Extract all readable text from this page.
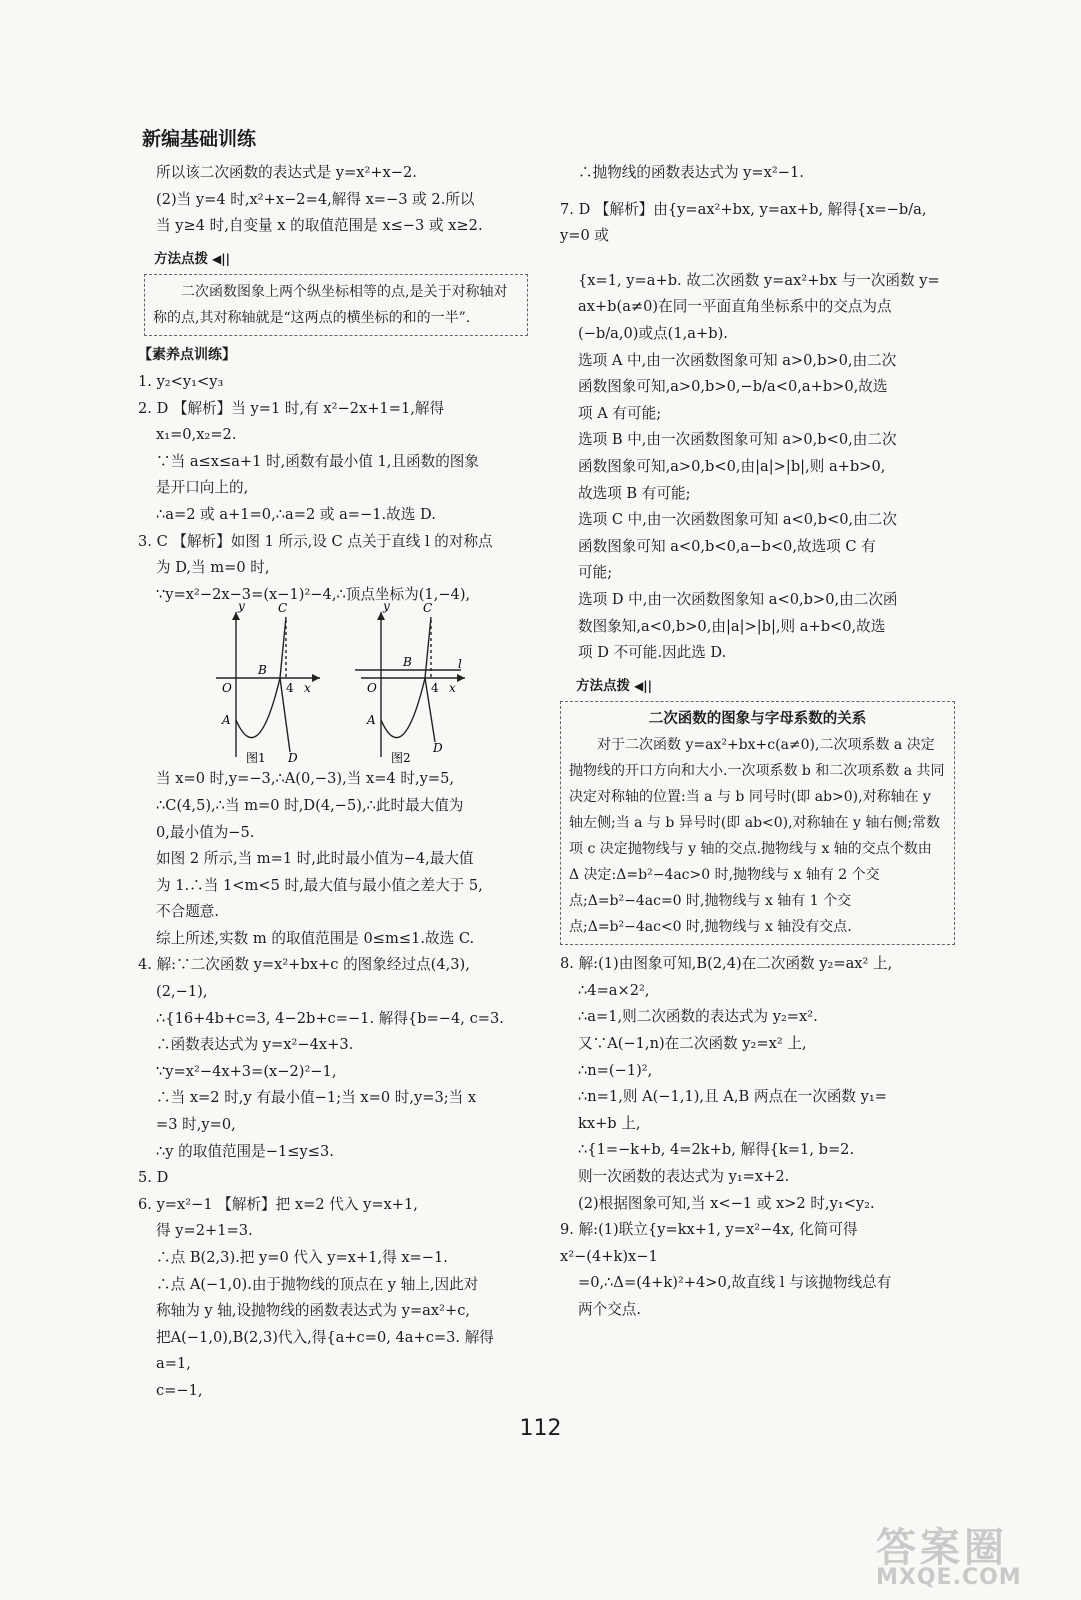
新编基础训练
所以该二次函数的表达式是 y=x²+x−2.
(2)当 y=4 时,x²+x−2=4,解得 x=−3 或 2.所以
当 y≥4 时,自变量 x 的取值范围是 x≤−3 或 x≥2.
方法点拨 ◀||
二次函数图象上两个纵坐标相等的点,是关于对称轴对称的点,其对称轴就是“这两点的横坐标的和的一半”.
【素养点训练】
1. y₂<y₁<y₃
2. D 【解析】当 y=1 时,有 x²−2x+1=1,解得
x₁=0,x₂=2.
∵当 a≤x≤a+1 时,函数有最小值 1,且函数的图象
是开口向上的,
∴a=2 或 a+1=0,∴a=2 或 a=−1.故选 D.
3. C 【解析】如图 1 所示,设 C 点关于直线 l 的对称点
为 D,当 m=0 时,
∵y=x²−2x−3=(x−1)²−4,∴顶点坐标为(1,−4),
y	C
B
4 x
O
A
D
图1
y	C
B
4 x
l
O
A
D
图2
当 x=0 时,y=−3,∴A(0,−3),当 x=4 时,y=5,
∴C(4,5),∴当 m=0 时,D(4,−5),∴此时最大值为
0,最小值为−5.
如图 2 所示,当 m=1 时,此时最小值为−4,最大值
为 1.∴当 1<m<5 时,最大值与最小值之差大于 5,
不合题意.
综上所述,实数 m 的取值范围是 0≤m≤1.故选 C.
4. 解:∵二次函数 y=x²+bx+c 的图象经过点(4,3),
(2,−1),
∴{16+4b+c=3, 4−2b+c=−1. 解得{b=−4, c=3.
∴函数表达式为 y=x²−4x+3.
∵y=x²−4x+3=(x−2)²−1,
∴当 x=2 时,y 有最小值−1;当 x=0 时,y=3;当 x
=3 时,y=0,
∴y 的取值范围是−1≤y≤3.
5. D
6. y=x²−1 【解析】把 x=2 代入 y=x+1,
得 y=2+1=3.
∴点 B(2,3).把 y=0 代入 y=x+1,得 x=−1.
∴点 A(−1,0).由于抛物线的顶点在 y 轴上,因此对
称轴为 y 轴,设抛物线的函数表达式为 y=ax²+c,
把A(−1,0),B(2,3)代入,得{a+c=0, 4a+c=3. 解得 a=1,
c=−1,
∴抛物线的函数表达式为 y=x²−1.
7. D 【解析】由{y=ax²+bx, y=ax+b, 解得{x=−b/a, y=0 或
{x=1, y=a+b. 故二次函数 y=ax²+bx 与一次函数 y=
ax+b(a≠0)在同一平面直角坐标系中的交点为点
(−b/a,0)或点(1,a+b).
选项 A 中,由一次函数图象可知 a>0,b>0,由二次
函数图象可知,a>0,b>0,−b/a<0,a+b>0,故选
项 A 有可能;
选项 B 中,由一次函数图象可知 a>0,b<0,由二次
函数图象可知,a>0,b<0,由|a|>|b|,则 a+b>0,
故选项 B 有可能;
选项 C 中,由一次函数图象可知 a<0,b<0,由二次
函数图象可知 a<0,b<0,a−b<0,故选项 C 有
可能;
选项 D 中,由一次函数图象知 a<0,b>0,由二次函
数图象知,a<0,b>0,由|a|>|b|,则 a+b<0,故选
项 D 不可能.因此选 D.
方法点拨 ◀||
二次函数的图象与字母系数的关系
对于二次函数 y=ax²+bx+c(a≠0),二次项系数 a 决定抛物线的开口方向和大小.一次项系数 b 和二次项系数 a 共同决定对称轴的位置:当 a 与 b 同号时(即 ab>0),对称轴在 y 轴左侧;当 a 与 b 异号时(即 ab<0),对称轴在 y 轴右侧;常数项 c 决定抛物线与 y 轴的交点.抛物线与 x 轴的交点个数由 Δ 决定:Δ=b²−4ac>0 时,抛物线与 x 轴有 2 个交点;Δ=b²−4ac=0 时,抛物线与 x 轴有 1 个交点;Δ=b²−4ac<0 时,抛物线与 x 轴没有交点.
8. 解:(1)由图象可知,B(2,4)在二次函数 y₂=ax² 上,
∴4=a×2²,
∴a=1,则二次函数的表达式为 y₂=x².
又∵A(−1,n)在二次函数 y₂=x² 上,
∴n=(−1)²,
∴n=1,则 A(−1,1),且 A,B 两点在一次函数 y₁=
kx+b 上,
∴{1=−k+b, 4=2k+b, 解得{k=1, b=2.
则一次函数的表达式为 y₁=x+2.
(2)根据图象可知,当 x<−1 或 x>2 时,y₁<y₂.
9. 解:(1)联立{y=kx+1, y=x²−4x, 化简可得 x²−(4+k)x−1
=0,∴Δ=(4+k)²+4>0,故直线 l 与该抛物线总有
两个交点.
112
答案圈
MXQE.COM
